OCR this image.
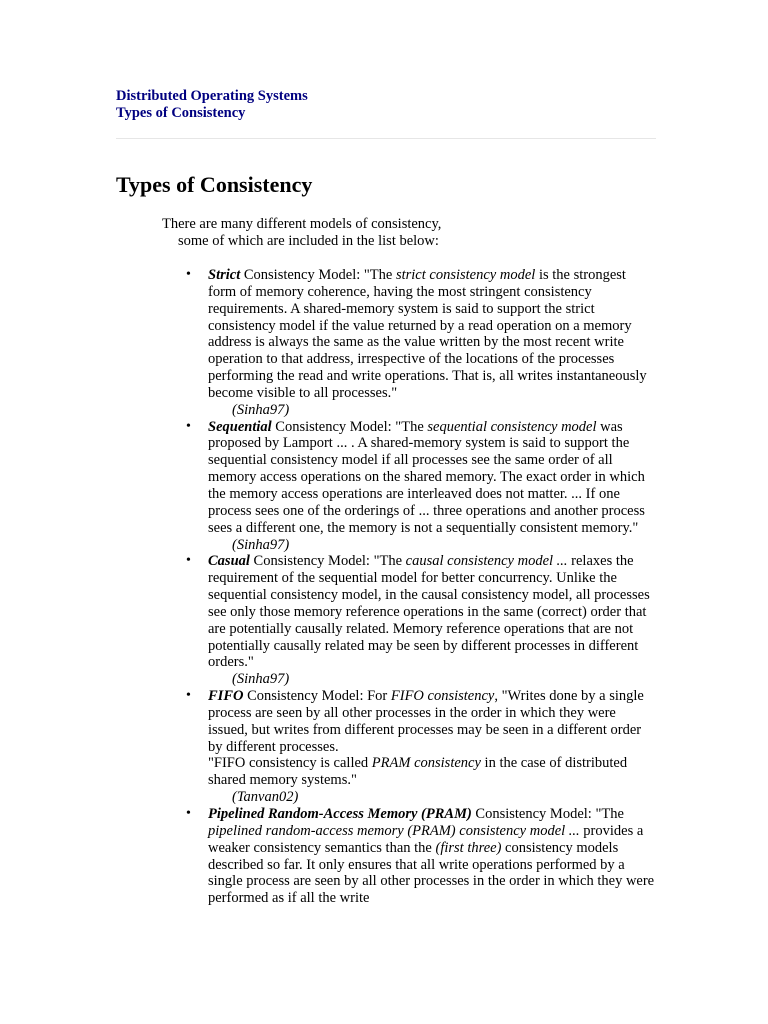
Distributed Operating Systems
Types of Consistency
Types of Consistency

There are many different models of consistency,
some of which are included in the list below:

• Strict Consistency Model: "The strict consistency model is the strongest form of memory coherence, having the most stringent consistency requirements. A shared-memory system is said to support the strict consistency model if the value returned by a read operation on a memory address is always the same as the value written by the most recent write operation to that address, irrespective of the locations of the processes performing the read and write operations. That is, all writes instantaneously become visible to all processes."
(Sinha97)
• Sequential Consistency Model: "The sequential consistency model was proposed by Lamport ... . A shared-memory system is said to support the sequential consistency model if all processes see the same order of all memory access operations on the shared memory. The exact order in which the memory access operations are interleaved does not matter. ... If one process sees one of the orderings of ... three operations and another process sees a different one, the memory is not a sequentially consistent memory."
(Sinha97)
• Casual Consistency Model: "The causal consistency model ... relaxes the requirement of the sequential model for better concurrency. Unlike the sequential consistency model, in the causal consistency model, all processes see only those memory reference operations in the same (correct) order that are potentially causally related. Memory reference operations that are not potentially causally related may be seen by different processes in different orders."
(Sinha97)
• FIFO Consistency Model: For FIFO consistency, "Writes done by a single process are seen by all other processes in the order in which they were issued, but writes from different processes may be seen in a different order by different processes.
"FIFO consistency is called PRAM consistency in the case of distributed shared memory systems."
(Tanvan02)
• Pipelined Random-Access Memory (PRAM) Consistency Model: "The pipelined random-access memory (PRAM) consistency model ... provides a weaker consistency semantics than the (first three) consistency models described so far. It only ensures that all write operations performed by a single process are seen by all other processes in the order in which they were performed as if all the write
